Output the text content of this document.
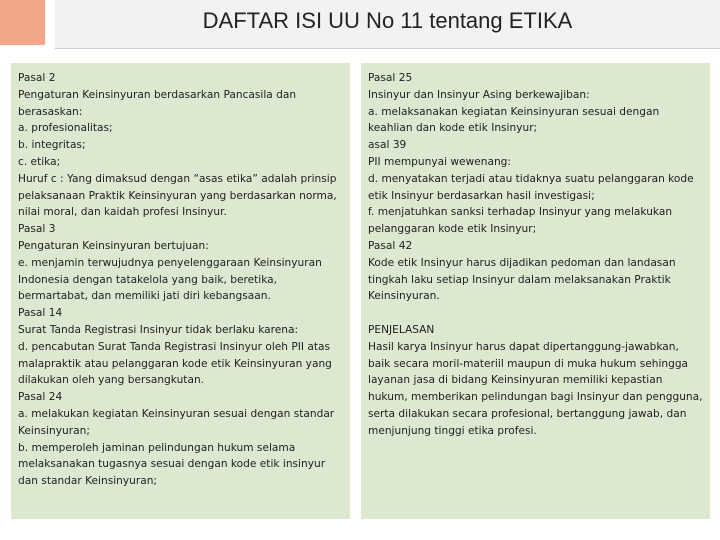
DAFTAR ISI UU No 11 tentang ETIKA

Pasal 2
Pengaturan Keinsinyuran berdasarkan Pancasila dan berasaskan:
a. profesionalitas;
b. integritas;
c. etika;
Huruf c : Yang dimaksud dengan “asas etika” adalah prinsip pelaksanaan Praktik Keinsinyuran yang berdasarkan norma, nilai moral, dan kaidah profesi Insinyur.
Pasal 3
Pengaturan Keinsinyuran bertujuan:
e. menjamin terwujudnya penyelenggaraan Keinsinyuran Indonesia dengan tatakelola yang baik, beretika, bermartabat, dan memiliki jati diri kebangsaan.
Pasal 14
Surat Tanda Registrasi Insinyur tidak berlaku karena:
d. pencabutan Surat Tanda Registrasi Insinyur oleh PII atas malapraktik atau pelanggaran kode etik Keinsinyuran yang dilakukan oleh yang bersangkutan.
Pasal 24
a. melakukan kegiatan Keinsinyuran sesuai dengan standar Keinsinyuran;
b. memperoleh jaminan pelindungan hukum selama melaksanakan tugasnya sesuai dengan kode etik insinyur dan standar Keinsinyuran;

Pasal 25
Insinyur dan Insinyur Asing berkewajiban:
a. melaksanakan kegiatan Keinsinyuran sesuai dengan keahlian dan kode etik Insinyur;
asal 39
PII mempunyai wewenang:
d. menyatakan terjadi atau tidaknya suatu pelanggaran kode etik Insinyur berdasarkan hasil investigasi;
f. menjatuhkan sanksi terhadap Insinyur yang melakukan pelanggaran kode etik Insinyur;
Pasal 42
Kode etik Insinyur harus dijadikan pedoman dan landasan tingkah laku setiap Insinyur dalam melaksanakan Praktik Keinsinyuran.

PENJELASAN
Hasil karya Insinyur harus dapat dipertanggung-jawabkan, baik secara moril-materiil maupun di muka hukum sehingga layanan jasa di bidang Keinsinyuran memiliki kepastian hukum, memberikan pelindungan bagi Insinyur dan pengguna, serta dilakukan secara profesional, bertanggung jawab, dan menjunjung tinggi etika profesi.
